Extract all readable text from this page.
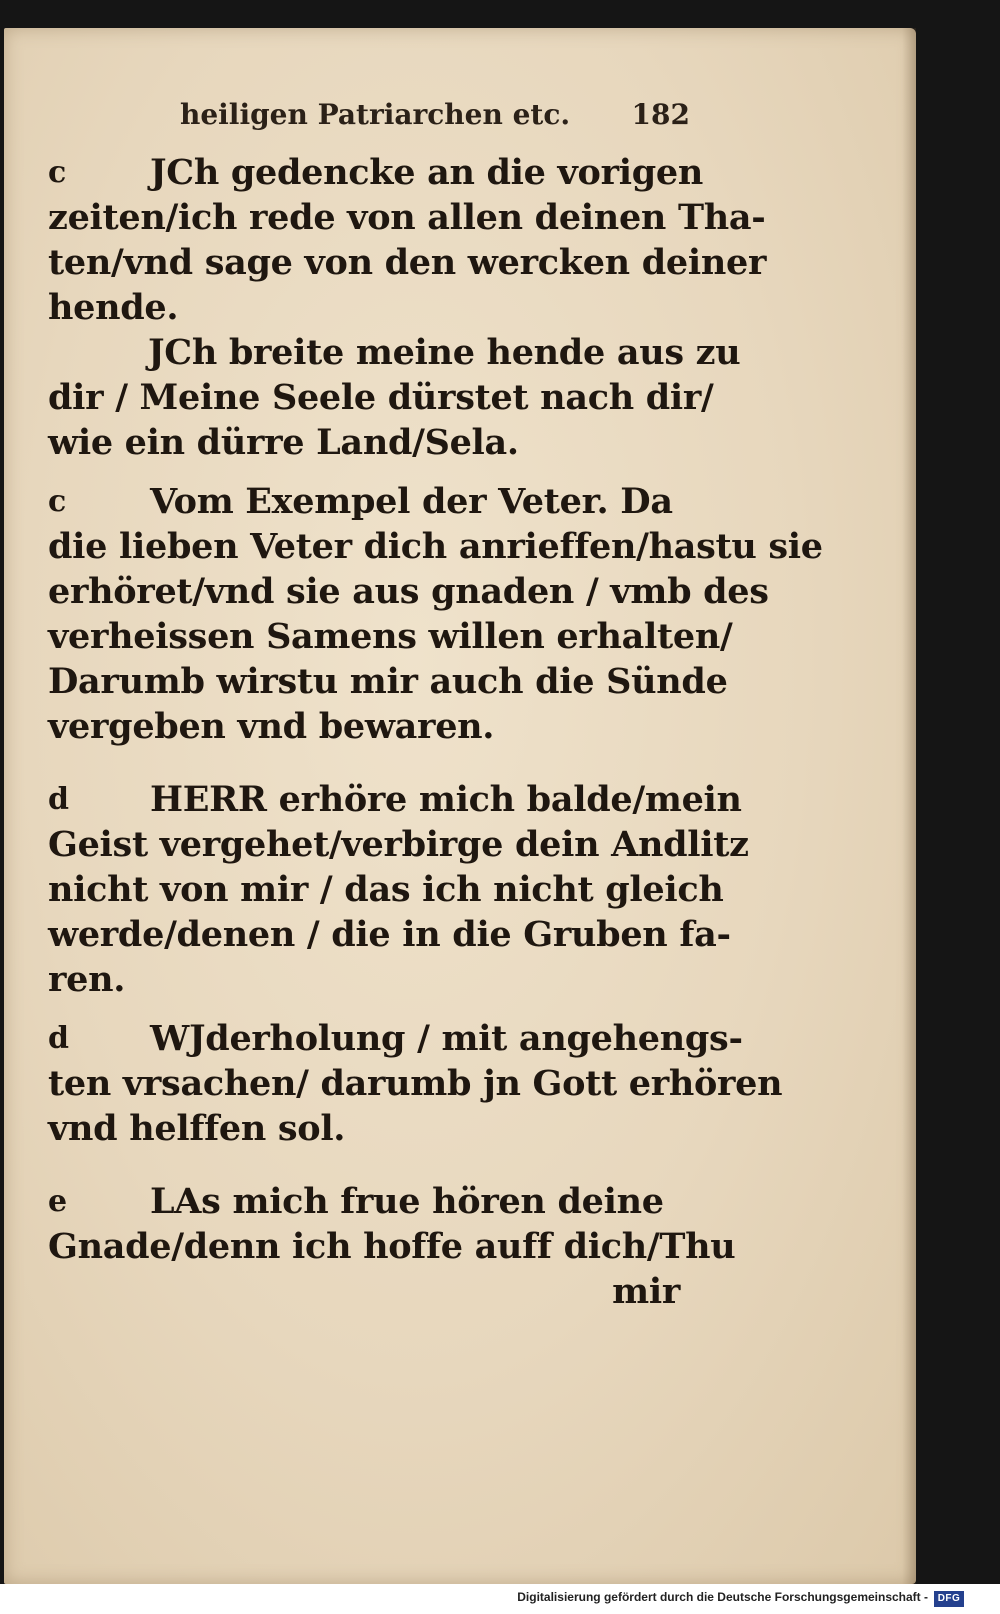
heiligen Patriarchen etc. 182
c	JCh gedencke an die vorigen
zeiten/ich rede von allen deinen Tha-
ten/vnd sage von den wercken deiner
hende.
JCh breite meine hende aus zu
dir / Meine Seele dürstet nach dir/
wie ein dürre Land/Sela.
c	Vom Exempel der Veter. Da
die lieben Veter dich anrieffen/hastu sie
erhöret/vnd sie aus gnaden / vmb des
verheissen Samens willen erhalten/
Darumb wirstu mir auch die Sünde
vergeben vnd bewaren.
d	HERR erhöre mich balde/mein
Geist vergehet/verbirge dein Andlitz
nicht von mir / das ich nicht gleich
werde/denen / die in die Gruben fa-
ren.
d	WJderholung / mit angehengs-
ten vrsachen/ darumb jn Gott erhören
vnd helffen sol.
e	LAs mich frue hören deine
Gnade/denn ich hoffe auff dich/Thu
mir
Digitalisierung gefördert durch die Deutsche Forschungsgemeinschaft - DFG
